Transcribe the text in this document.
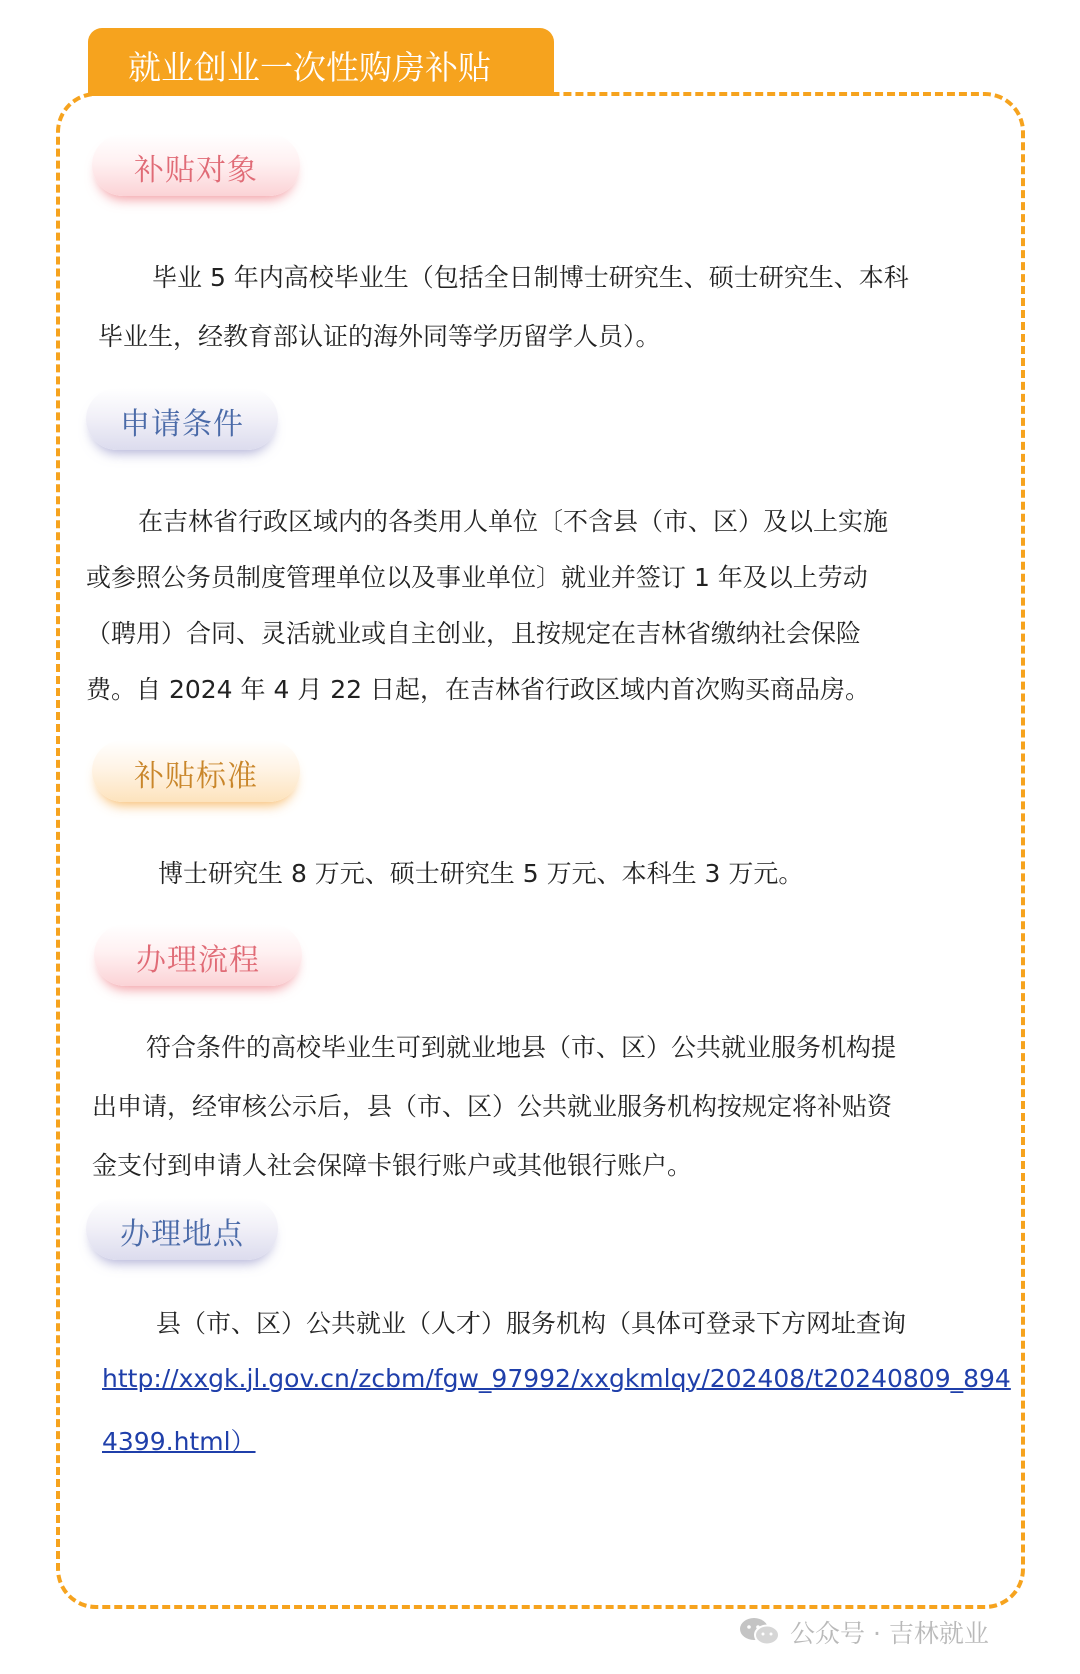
就业创业一次性购房补贴
补贴对象
毕业 5 年内高校毕业生（包括全日制博士研究生、硕士研究生、本科
毕业生，经教育部认证的海外同等学历留学人员）。
申请条件
在吉林省行政区域内的各类用人单位〔不含县（市、区）及以上实施
或参照公务员制度管理单位以及事业单位〕就业并签订 1 年及以上劳动
（聘用）合同、灵活就业或自主创业，且按规定在吉林省缴纳社会保险
费。自 2024 年 4 月 22 日起，在吉林省行政区域内首次购买商品房。
补贴标准
博士研究生 8 万元、硕士研究生 5 万元、本科生 3 万元。
办理流程
符合条件的高校毕业生可到就业地县（市、区）公共就业服务机构提
出申请，经审核公示后，县（市、区）公共就业服务机构按规定将补贴资
金支付到申请人社会保障卡银行账户或其他银行账户。
办理地点
县（市、区）公共就业（人才）服务机构（具体可登录下方网址查询
http://xxgk.jl.gov.cn/zcbm/fgw_97992/xxgkmlqy/202408/t20240809_894
4399.html）
公众号 · 吉林就业
